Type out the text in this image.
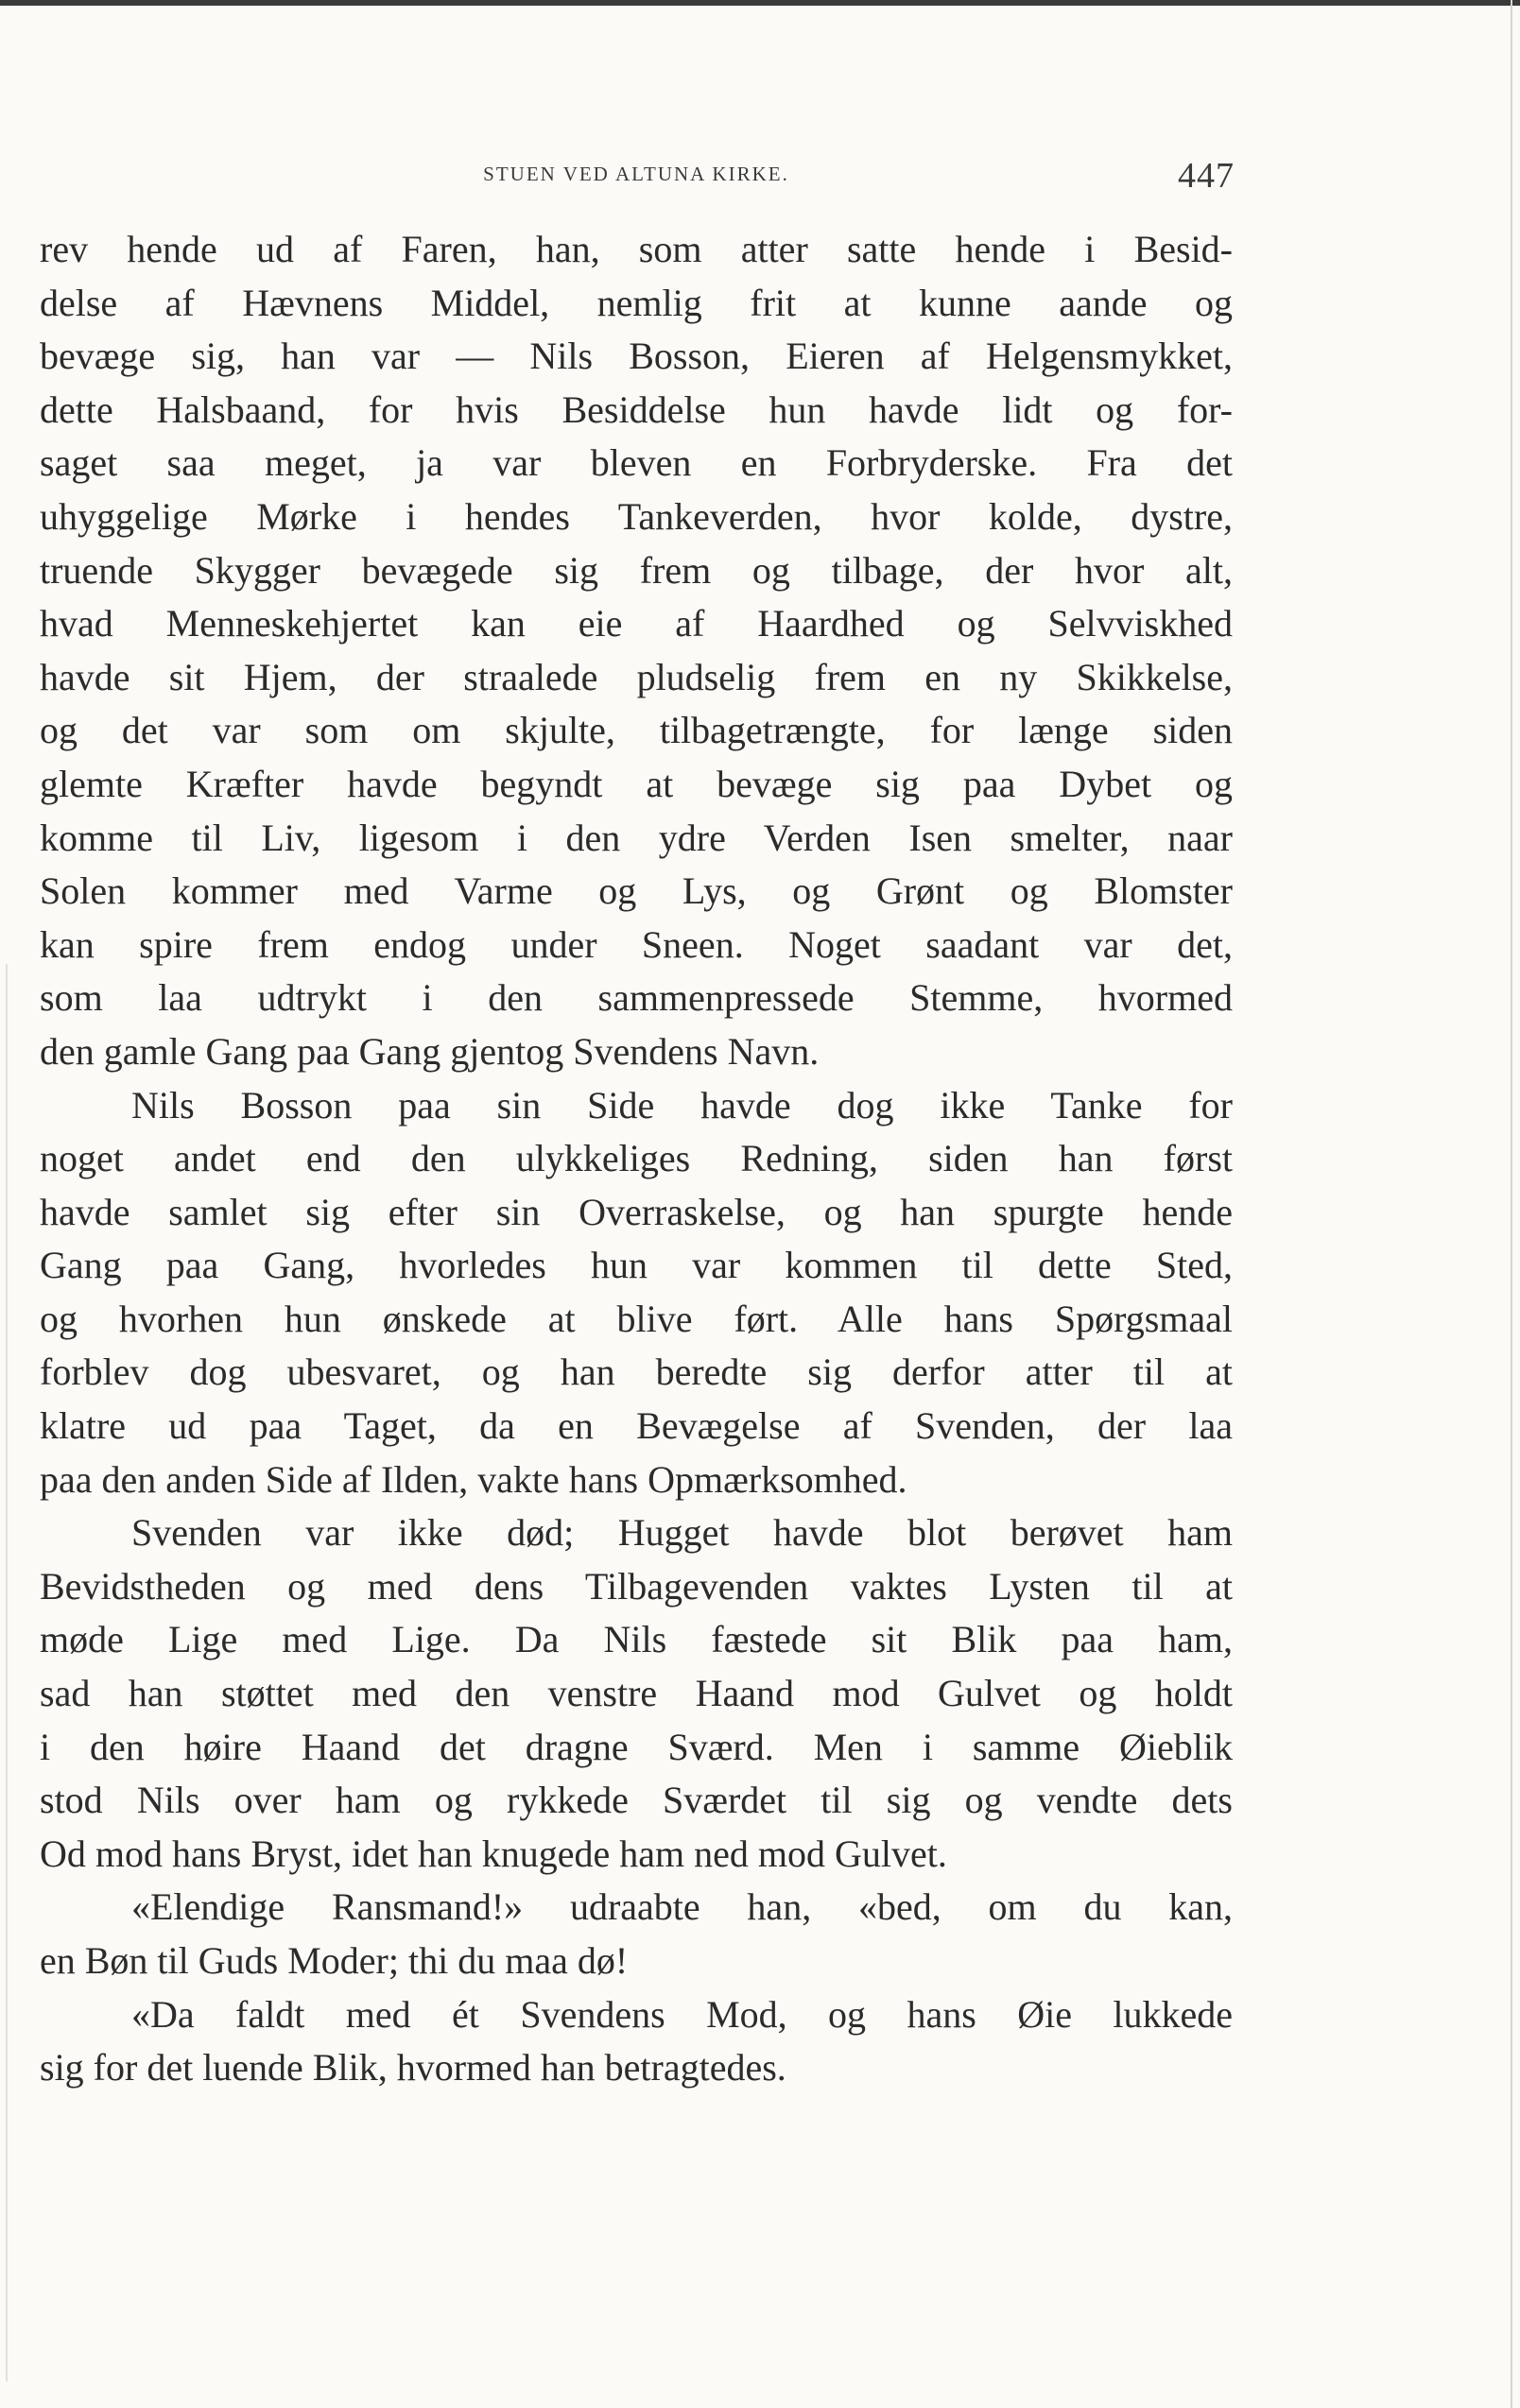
STUEN VED ALTUNA KIRKE.	447
rev hende ud af Faren, han, som atter satte hende i Besid-
delse af Hævnens Middel, nemlig frit at kunne aande og
bevæge sig, han var — Nils Bosson, Eieren af Helgensmykket,
dette Halsbaand, for hvis Besiddelse hun havde lidt og for-
saget saa meget, ja var bleven en Forbryderske. Fra det
uhyggelige Mørke i hendes Tankeverden, hvor kolde, dystre,
truende Skygger bevægede sig frem og tilbage, der hvor alt,
hvad Menneskehjertet kan eie af Haardhed og Selvviskhed
havde sit Hjem, der straalede pludselig frem en ny Skikkelse,
og det var som om skjulte, tilbagetrængte, for længe siden
glemte Kræfter havde begyndt at bevæge sig paa Dybet og
komme til Liv, ligesom i den ydre Verden Isen smelter, naar
Solen kommer med Varme og Lys, og Grønt og Blomster
kan spire frem endog under Sneen. Noget saadant var det,
som laa udtrykt i den sammenpressede Stemme, hvormed
den gamle Gang paa Gang gjentog Svendens Navn.
Nils Bosson paa sin Side havde dog ikke Tanke for
noget andet end den ulykkeliges Redning, siden han først
havde samlet sig efter sin Overraskelse, og han spurgte hende
Gang paa Gang, hvorledes hun var kommen til dette Sted,
og hvorhen hun ønskede at blive ført. Alle hans Spørgsmaal
forblev dog ubesvaret, og han beredte sig derfor atter til at
klatre ud paa Taget, da en Bevægelse af Svenden, der laa
paa den anden Side af Ilden, vakte hans Opmærksomhed.
Svenden var ikke død; Hugget havde blot berøvet ham
Bevidstheden og med dens Tilbagevenden vaktes Lysten til at
møde Lige med Lige. Da Nils fæstede sit Blik paa ham,
sad han støttet med den venstre Haand mod Gulvet og holdt
i den høire Haand det dragne Sværd. Men i samme Øieblik
stod Nils over ham og rykkede Sværdet til sig og vendte dets
Od mod hans Bryst, idet han knugede ham ned mod Gulvet.
«Elendige Ransmand!» udraabte han, «bed, om du kan,
en Bøn til Guds Moder; thi du maa dø!
«Da faldt med ét Svendens Mod, og hans Øie lukkede
sig for det luende Blik, hvormed han betragtedes.
